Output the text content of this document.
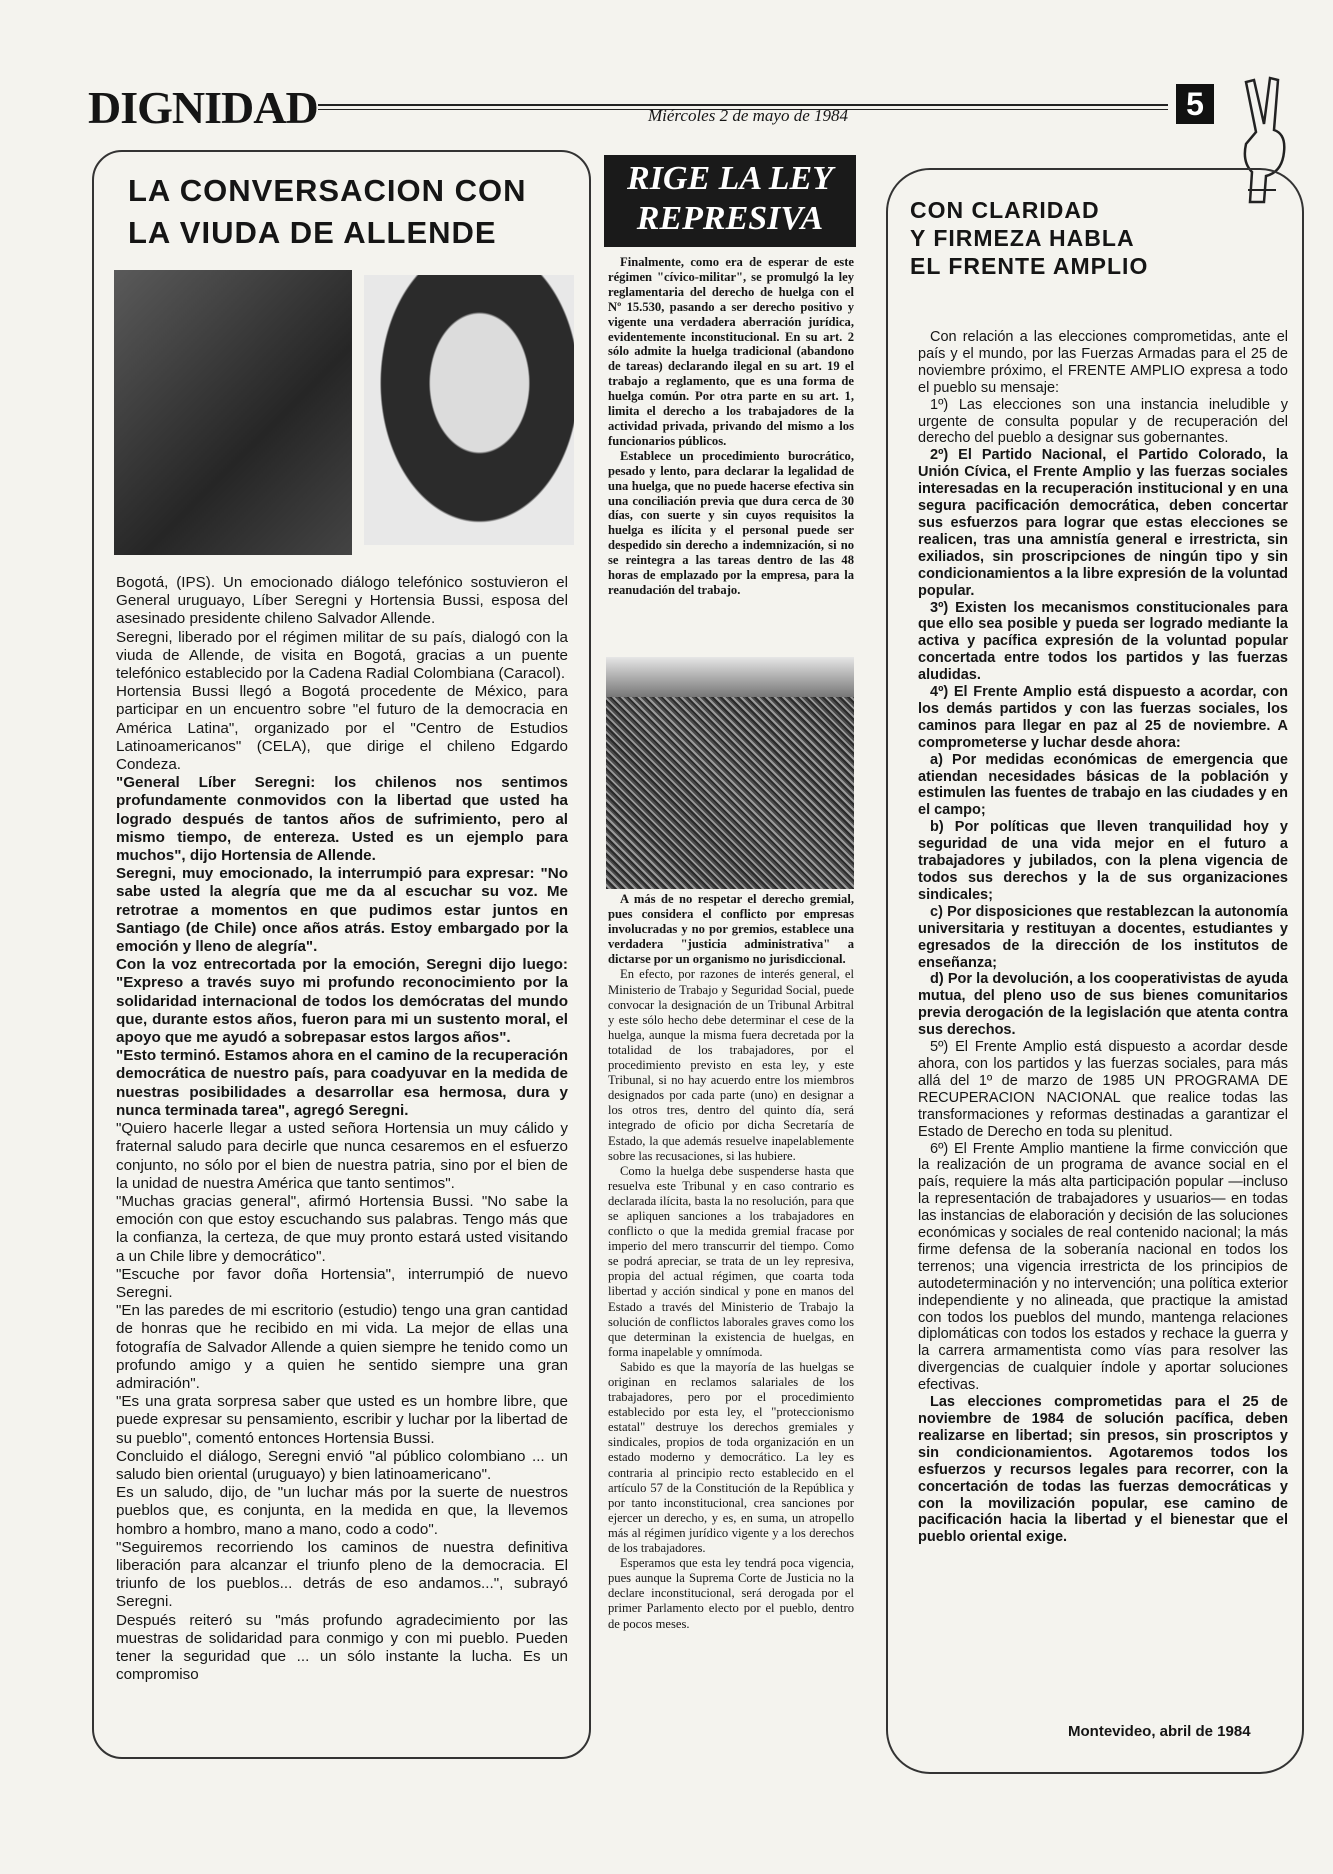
DIGNIDAD	Miércoles 2 de mayo de 1984	5
LA CONVERSACION CON
LA VIUDA DE ALLENDE

Bogotá, (IPS). Un emocionado diálogo telefónico sostuvieron el General uruguayo, Líber Seregni y Hortensia Bussi, esposa del asesinado presidente chileno Salvador Allende.

Seregni, liberado por el régimen militar de su país, dialogó con la viuda de Allende, de visita en Bogotá, gracias a un puente telefónico establecido por la Cadena Radial Colombiana (Caracol).

Hortensia Bussi llegó a Bogotá procedente de México, para participar en un encuentro sobre "el futuro de la democracia en América Latina", organizado por el "Centro de Estudios Latinoamericanos" (CELA), que dirige el chileno Edgardo Condeza.

"General Líber Seregni: los chilenos nos sentimos profundamente conmovidos con la libertad que usted ha logrado después de tantos años de sufrimiento, pero al mismo tiempo, de entereza. Usted es un ejemplo para muchos", dijo Hortensia de Allende.

Seregni, muy emocionado, la interrumpió para expresar: "No sabe usted la alegría que me da al escuchar su voz. Me retrotrae a momentos en que pudimos estar juntos en Santiago (de Chile) once años atrás. Estoy embargado por la emoción y lleno de alegría".

Con la voz entrecortada por la emoción, Seregni dijo luego: "Expreso a través suyo mi profundo reconocimiento por la solidaridad internacional de todos los demócratas del mundo que, durante estos años, fueron para mi un sustento moral, el apoyo que me ayudó a sobrepasar estos largos años".

"Esto terminó. Estamos ahora en el camino de la recuperación democrática de nuestro país, para coadyuvar en la medida de nuestras posibilidades a desarrollar esa hermosa, dura y nunca terminada tarea", agregó Seregni.

"Quiero hacerle llegar a usted señora Hortensia un muy cálido y fraternal saludo para decirle que nunca cesaremos en el esfuerzo conjunto, no sólo por el bien de nuestra patria, sino por el bien de la unidad de nuestra América que tanto sentimos".

"Muchas gracias general", afirmó Hortensia Bussi. "No sabe la emoción con que estoy escuchando sus palabras. Tengo más que la confianza, la certeza, de que muy pronto estará usted visitando a un Chile libre y democrático".

"Escuche por favor doña Hortensia", interrumpió de nuevo Seregni.

"En las paredes de mi escritorio (estudio) tengo una gran cantidad de honras que he recibido en mi vida. La mejor de ellas una fotografía de Salvador Allende a quien siempre he tenido como un profundo amigo y a quien he sentido siempre una gran admiración".

"Es una grata sorpresa saber que usted es un hombre libre, que puede expresar su pensamiento, escribir y luchar por la libertad de su pueblo", comentó entonces Hortensia Bussi.

Concluido el diálogo, Seregni envió "al público colombiano ... un saludo bien oriental (uruguayo) y bien latinoamericano".

Es un saludo, dijo, de "un luchar más por la suerte de nuestros pueblos que, es conjunta, en la medida en que, la llevemos hombro a hombro, mano a mano, codo a codo".

"Seguiremos recorriendo los caminos de nuestra definitiva liberación para alcanzar el triunfo pleno de la democracia. El triunfo de los pueblos... detrás de eso andamos...", subrayó Seregni.

Después reiteró su "más profundo agradecimiento por las muestras de solidaridad para conmigo y con mi pueblo. Pueden tener la seguridad que ... un sólo instante la lucha. Es un compromiso

RIGE LA LEY
REPRESIVA

Finalmente, como era de esperar de este régimen "cívico-militar", se promulgó la ley reglamentaria del derecho de huelga con el Nº 15.530, pasando a ser derecho positivo y vigente una verdadera aberración jurídica, evidentemente inconstitucional. En su art. 2 sólo admite la huelga tradicional (abandono de tareas) declarando ilegal en su art. 19 el trabajo a reglamento, que es una forma de huelga común. Por otra parte en su art. 1, limita el derecho a los trabajadores de la actividad privada, privando del mismo a los funcionarios públicos.

Establece un procedimiento burocrático, pesado y lento, para declarar la legalidad de una huelga, que no puede hacerse efectiva sin una conciliación previa que dura cerca de 30 días, con suerte y sin cuyos requisitos la huelga es ilícita y el personal puede ser despedido sin derecho a indemnización, si no se reintegra a las tareas dentro de las 48 horas de emplazado por la empresa, para la reanudación del trabajo.

A más de no respetar el derecho gremial, pues considera el conflicto por empresas involucradas y no por gremios, establece una verdadera "justicia administrativa" a dictarse por un organismo no jurisdiccional.

En efecto, por razones de interés general, el Ministerio de Trabajo y Seguridad Social, puede convocar la designación de un Tribunal Arbitral y este sólo hecho debe determinar el cese de la huelga, aunque la misma fuera decretada por la totalidad de los trabajadores, por el procedimiento previsto en esta ley, y este Tribunal, si no hay acuerdo entre los miembros designados por cada parte (uno) en designar a los otros tres, dentro del quinto día, será integrado de oficio por dicha Secretaría de Estado, la que además resuelve inapelablemente sobre las recusaciones, si las hubiere.

Como la huelga debe suspenderse hasta que resuelva este Tribunal y en caso contrario es declarada ilícita, basta la no resolución, para que se apliquen sanciones a los trabajadores en conflicto o que la medida gremial fracase por imperio del mero transcurrir del tiempo. Como se podrá apreciar, se trata de un ley represiva, propia del actual régimen, que coarta toda libertad y acción sindical y pone en manos del Estado a través del Ministerio de Trabajo la solución de conflictos laborales graves como los que determinan la existencia de huelgas, en forma inapelable y omnímoda.

Sabido es que la mayoría de las huelgas se originan en reclamos salariales de los trabajadores, pero por el procedimiento establecido por esta ley, el "proteccionismo estatal" destruye los derechos gremiales y sindicales, propios de toda organización en un estado moderno y democrático. La ley es contraria al principio recto establecido en el artículo 57 de la Constitución de la República y por tanto inconstitucional, crea sanciones por ejercer un derecho, y es, en suma, un atropello más al régimen jurídico vigente y a los derechos de los trabajadores.

Esperamos que esta ley tendrá poca vigencia, pues aunque la Suprema Corte de Justicia no la declare inconstitucional, será derogada por el primer Parlamento electo por el pueblo, dentro de pocos meses.

CON CLARIDAD
Y FIRMEZA HABLA
EL FRENTE AMPLIO

Con relación a las elecciones comprometidas, ante el país y el mundo, por las Fuerzas Armadas para el 25 de noviembre próximo, el FRENTE AMPLIO expresa a todo el pueblo su mensaje:

1º) Las elecciones son una instancia ineludible y urgente de consulta popular y de recuperación del derecho del pueblo a designar sus gobernantes.

2º) El Partido Nacional, el Partido Colorado, la Unión Cívica, el Frente Amplio y las fuerzas sociales interesadas en la recuperación institucional y en una segura pacificación democrática, deben concertar sus esfuerzos para lograr que estas elecciones se realicen, tras una amnistía general e irrestricta, sin exiliados, sin proscripciones de ningún tipo y sin condicionamientos a la libre expresión de la voluntad popular.

3º) Existen los mecanismos constitucionales para que ello sea posible y pueda ser logrado mediante la activa y pacífica expresión de la voluntad popular concertada entre todos los partidos y las fuerzas aludidas.

4º) El Frente Amplio está dispuesto a acordar, con los demás partidos y con las fuerzas sociales, los caminos para llegar en paz al 25 de noviembre. A comprometerse y luchar desde ahora:

a) Por medidas económicas de emergencia que atiendan necesidades básicas de la población y estimulen las fuentes de trabajo en las ciudades y en el campo;

b) Por políticas que lleven tranquilidad hoy y seguridad de una vida mejor en el futuro a trabajadores y jubilados, con la plena vigencia de todos sus derechos y la de sus organizaciones sindicales;

c) Por disposiciones que restablezcan la autonomía universitaria y restituyan a docentes, estudiantes y egresados de la dirección de los institutos de enseñanza;

d) Por la devolución, a los cooperativistas de ayuda mutua, del pleno uso de sus bienes comunitarios previa derogación de la legislación que atenta contra sus derechos.

5º) El Frente Amplio está dispuesto a acordar desde ahora, con los partidos y las fuerzas sociales, para más allá del 1º de marzo de 1985 UN PROGRAMA DE RECUPERACION NACIONAL que realice todas las transformaciones y reformas destinadas a garantizar el Estado de Derecho en toda su plenitud.

6º) El Frente Amplio mantiene la firme convicción que la realización de un programa de avance social en el país, requiere la más alta participación popular —incluso la representación de trabajadores y usuarios— en todas las instancias de elaboración y decisión de las soluciones económicas y sociales de real contenido nacional; la más firme defensa de la soberanía nacional en todos los terrenos; una vigencia irrestricta de los principios de autodeterminación y no intervención; una política exterior independiente y no alineada, que practique la amistad con todos los pueblos del mundo, mantenga relaciones diplomáticas con todos los estados y rechace la guerra y la carrera armamentista como vías para resolver las divergencias de cualquier índole y aportar soluciones efectivas.

Las elecciones comprometidas para el 25 de noviembre de 1984 de solución pacífica, deben realizarse en libertad; sin presos, sin proscriptos y sin condicionamientos. Agotaremos todos los esfuerzos y recursos legales para recorrer, con la concertación de todas las fuerzas democráticas y con la movilización popular, ese camino de pacificación hacia la libertad y el bienestar que el pueblo oriental exige.

Montevideo, abril de 1984
